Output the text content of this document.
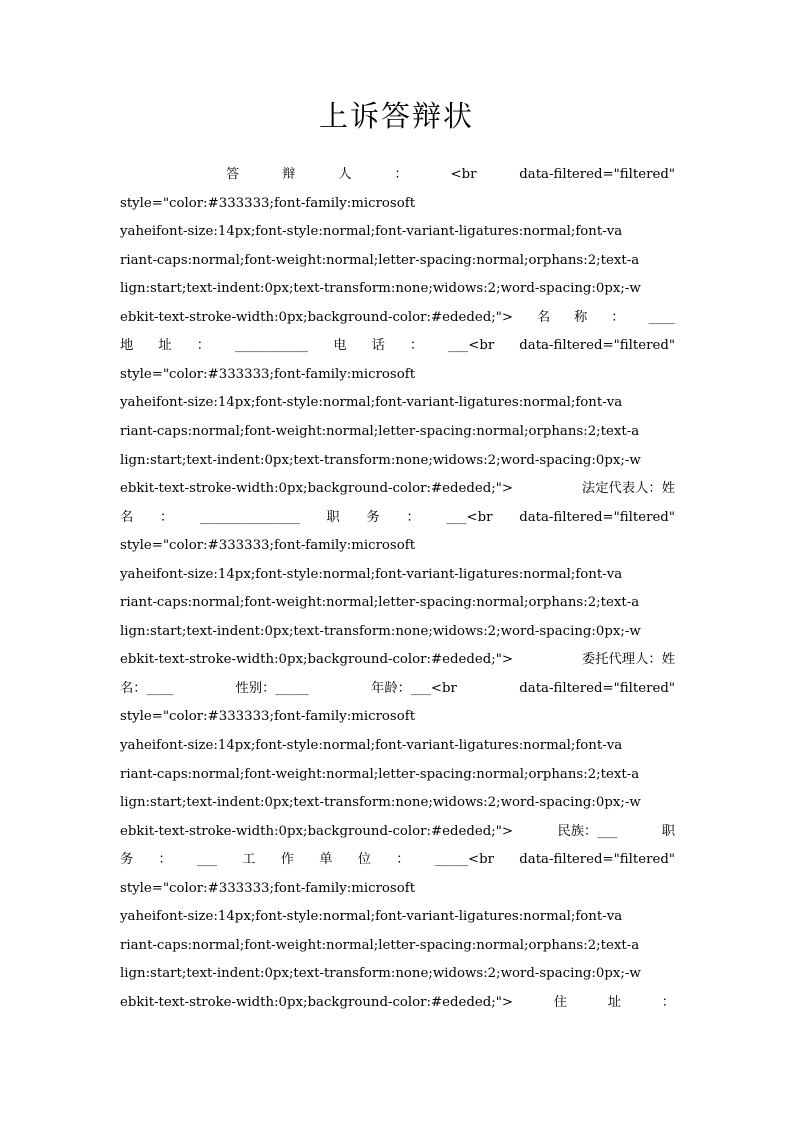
上诉答辩状
答	辩	人	：	<br	data-filtered="filtered"
style="color:#333333;font-family:microsoft
yaheifont-size:14px;font-style:normal;font-variant-ligatures:normal;font-va
riant-caps:normal;font-weight:normal;letter-spacing:normal;orphans:2;text-a
lign:start;text-indent:0px;text-transform:none;widows:2;word-spacing:0px;-w
ebkit-text-stroke-width:0px;background-color:#ededed;"> 名 称 ： ____
地 址 ： ___________ 电 话 ： ___<br data-filtered="filtered"
style="color:#333333;font-family:microsoft
yaheifont-size:14px;font-style:normal;font-variant-ligatures:normal;font-va
riant-caps:normal;font-weight:normal;letter-spacing:normal;orphans:2;text-a
lign:start;text-indent:0px;text-transform:none;widows:2;word-spacing:0px;-w
ebkit-text-stroke-width:0px;background-color:#ededed;">	法定代表人：姓
名 ： _______________ 职 务 ： ___<br data-filtered="filtered"
style="color:#333333;font-family:microsoft
yaheifont-size:14px;font-style:normal;font-variant-ligatures:normal;font-va
riant-caps:normal;font-weight:normal;letter-spacing:normal;orphans:2;text-a
lign:start;text-indent:0px;text-transform:none;widows:2;word-spacing:0px;-w
ebkit-text-stroke-width:0px;background-color:#ededed;">	委托代理人：姓
名：____	性别：_____	年龄：___<br	data-filtered="filtered"
style="color:#333333;font-family:microsoft
yaheifont-size:14px;font-style:normal;font-variant-ligatures:normal;font-va
riant-caps:normal;font-weight:normal;letter-spacing:normal;orphans:2;text-a
lign:start;text-indent:0px;text-transform:none;widows:2;word-spacing:0px;-w
ebkit-text-stroke-width:0px;background-color:#ededed;">	民族：___	职
务 ： ___ 工 作 单 位 ： _____<br data-filtered="filtered"
style="color:#333333;font-family:microsoft
yaheifont-size:14px;font-style:normal;font-variant-ligatures:normal;font-va
riant-caps:normal;font-weight:normal;letter-spacing:normal;orphans:2;text-a
lign:start;text-indent:0px;text-transform:none;widows:2;word-spacing:0px;-w
ebkit-text-stroke-width:0px;background-color:#ededed;">	住	址	：
